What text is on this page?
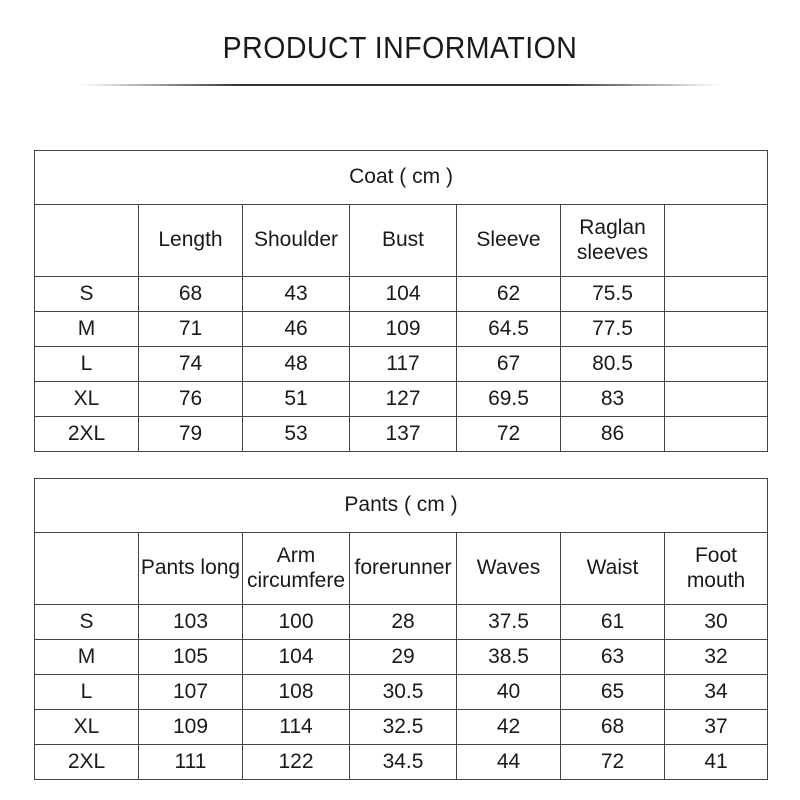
PRODUCT INFORMATION
Coat ( cm )						
	Length	Shoulder	Bust	Sleeve	Raglan sleeves	
S	68	43	104	62	75.5	
M	71	46	109	64.5	77.5	
L	74	48	117	67	80.5	
XL	76	51	127	69.5	83	
2XL	79	53	137	72	86	
Pants ( cm )						
	Pants long	Arm circumfere	forerunner	Waves	Waist	Foot mouth
S	103	100	28	37.5	61	30
M	105	104	29	38.5	63	32
L	107	108	30.5	40	65	34
XL	109	114	32.5	42	68	37
2XL	111	122	34.5	44	72	41
